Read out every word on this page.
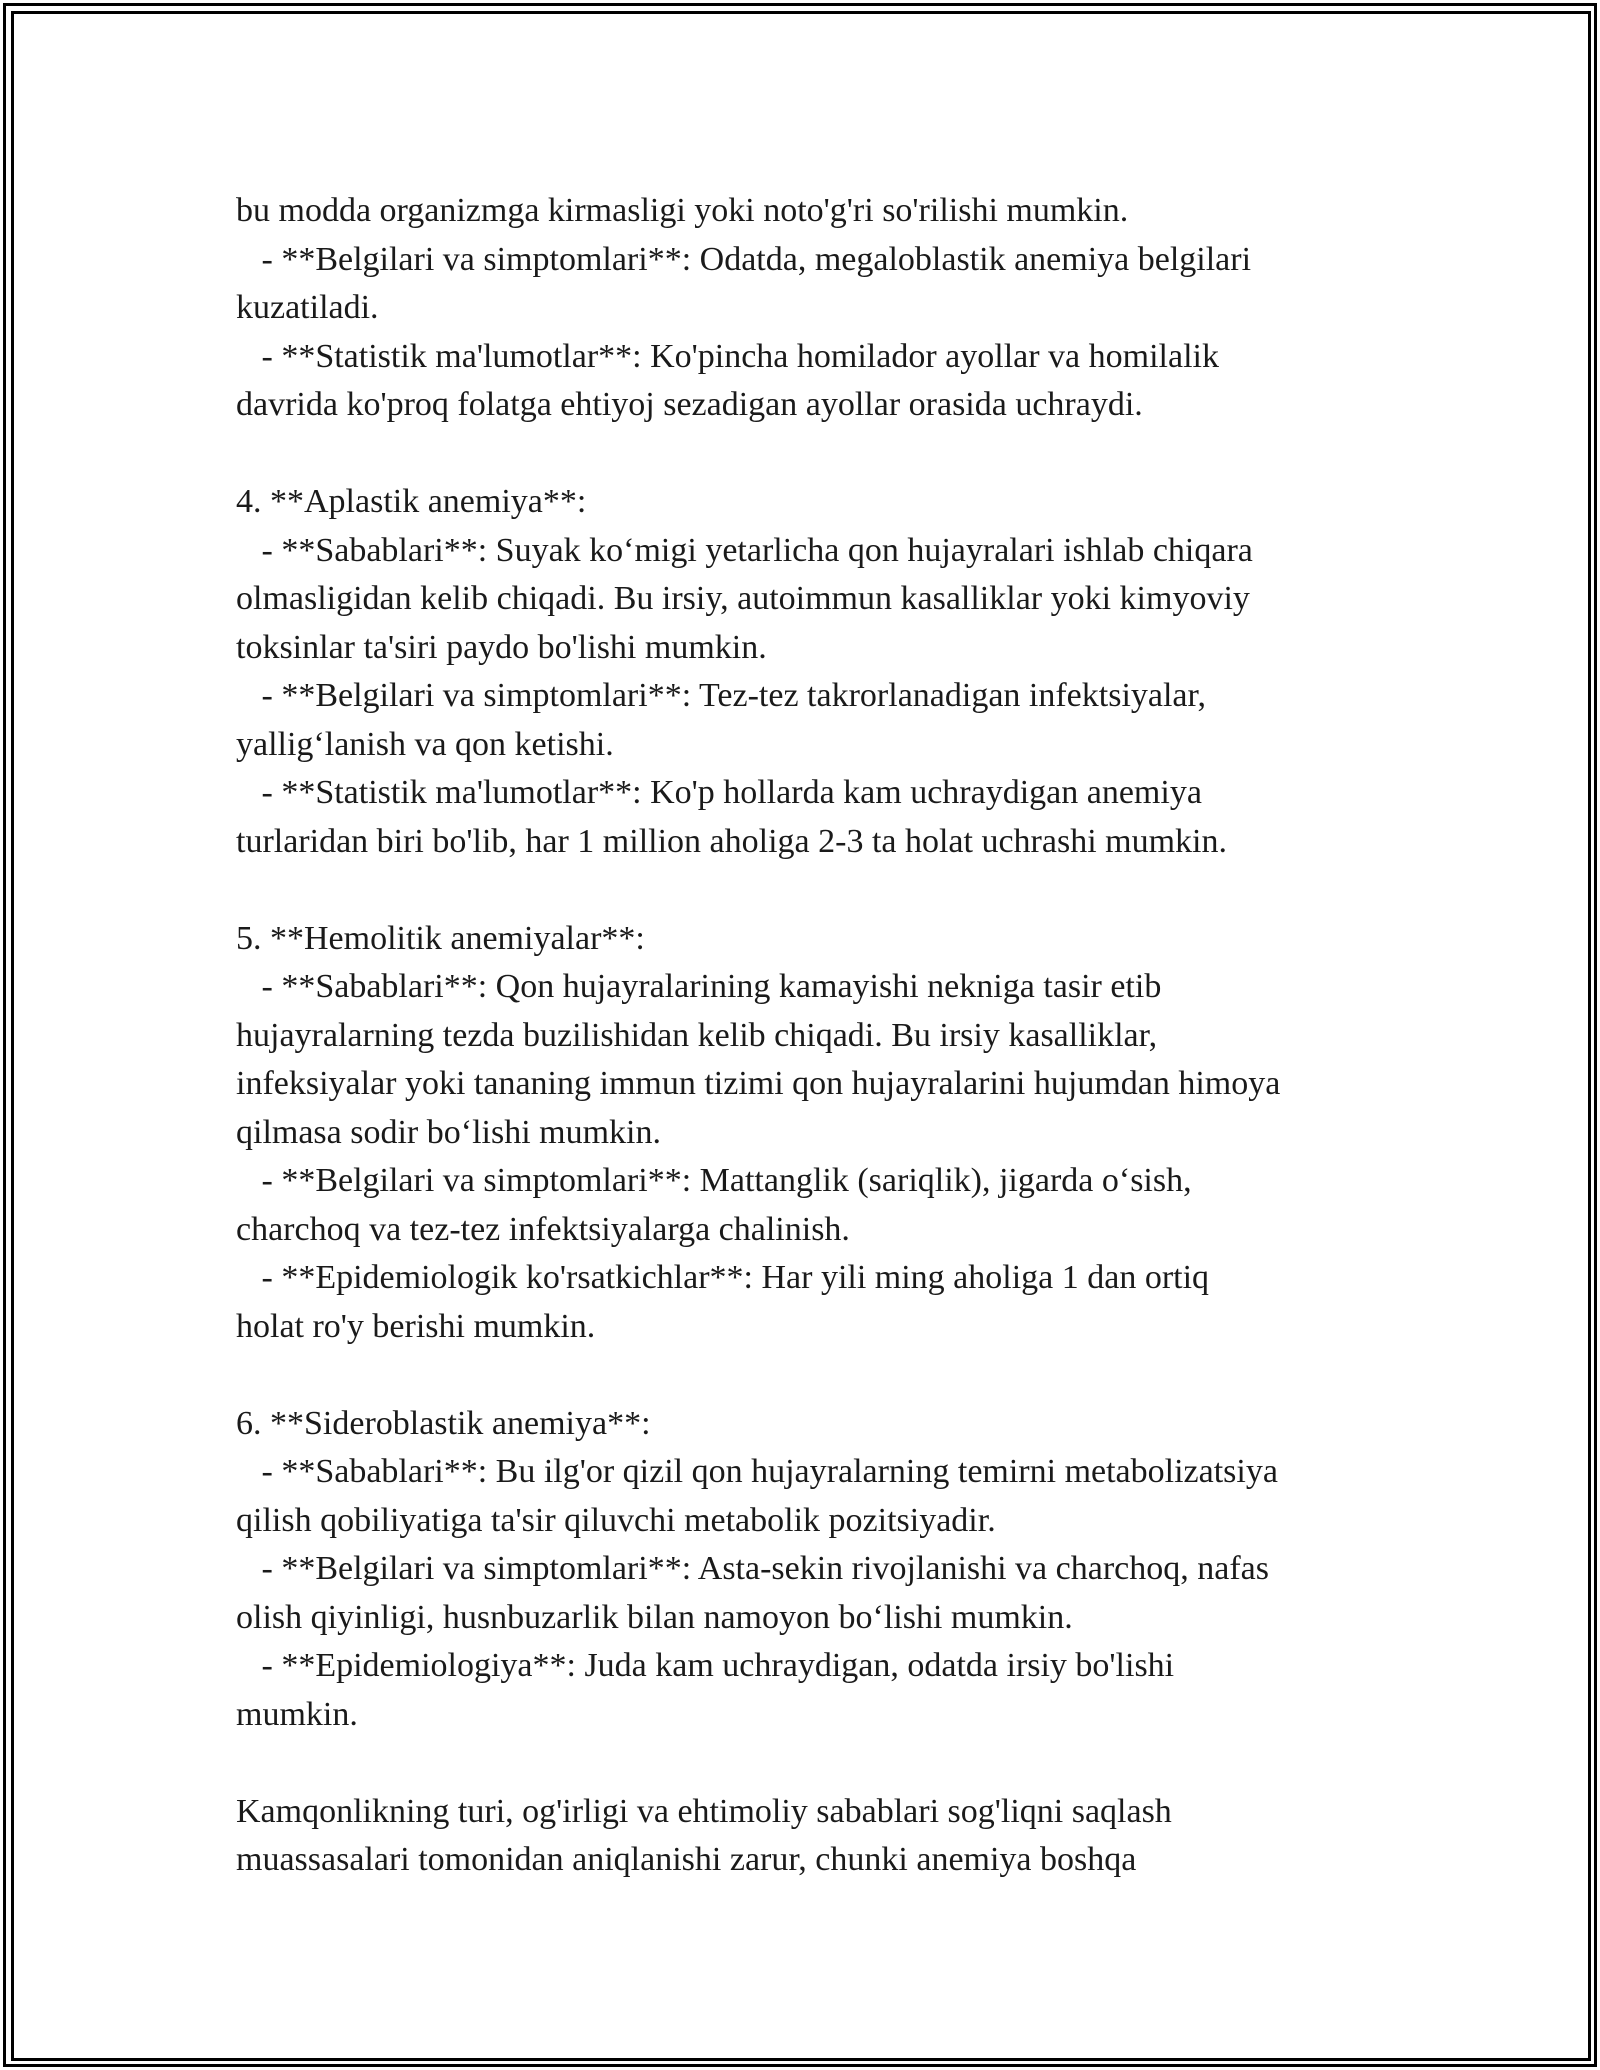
bu modda organizmga kirmasligi yoki noto'g'ri so'rilishi mumkin.
- **Belgilari va simptomlari**: Odatda, megaloblastik anemiya belgilari
kuzatiladi.
- **Statistik ma'lumotlar**: Ko'pincha homilador ayollar va homilalik
davrida ko'proq folatga ehtiyoj sezadigan ayollar orasida uchraydi.
4. **Aplastik anemiya**:
- **Sabablari**: Suyak ko‘migi yetarlicha qon hujayralari ishlab chiqara
olmasligidan kelib chiqadi. Bu irsiy, autoimmun kasalliklar yoki kimyoviy
toksinlar ta'siri paydo bo'lishi mumkin.
- **Belgilari va simptomlari**: Tez-tez takrorlanadigan infektsiyalar,
yallig‘lanish va qon ketishi.
- **Statistik ma'lumotlar**: Ko'p hollarda kam uchraydigan anemiya
turlaridan biri bo'lib, har 1 million aholiga 2-3 ta holat uchrashi mumkin.
5. **Hemolitik anemiyalar**:
- **Sabablari**: Qon hujayralarining kamayishi nekniga tasir etib
hujayralarning tezda buzilishidan kelib chiqadi. Bu irsiy kasalliklar,
infeksiyalar yoki tananing immun tizimi qon hujayralarini hujumdan himoya
qilmasa sodir bo‘lishi mumkin.
- **Belgilari va simptomlari**: Mattanglik (sariqlik), jigarda o‘sish,
charchoq va tez-tez infektsiyalarga chalinish.
- **Epidemiologik ko'rsatkichlar**: Har yili ming aholiga 1 dan ortiq
holat ro'y berishi mumkin.
6. **Sideroblastik anemiya**:
- **Sabablari**: Bu ilg'or qizil qon hujayralarning temirni metabolizatsiya
qilish qobiliyatiga ta'sir qiluvchi metabolik pozitsiyadir.
- **Belgilari va simptomlari**: Asta-sekin rivojlanishi va charchoq, nafas
olish qiyinligi, husnbuzarlik bilan namoyon bo‘lishi mumkin.
- **Epidemiologiya**: Juda kam uchraydigan, odatda irsiy bo'lishi
mumkin.
Kamqonlikning turi, og'irligi va ehtimoliy sabablari sog'liqni saqlash
muassasalari tomonidan aniqlanishi zarur, chunki anemiya boshqa
